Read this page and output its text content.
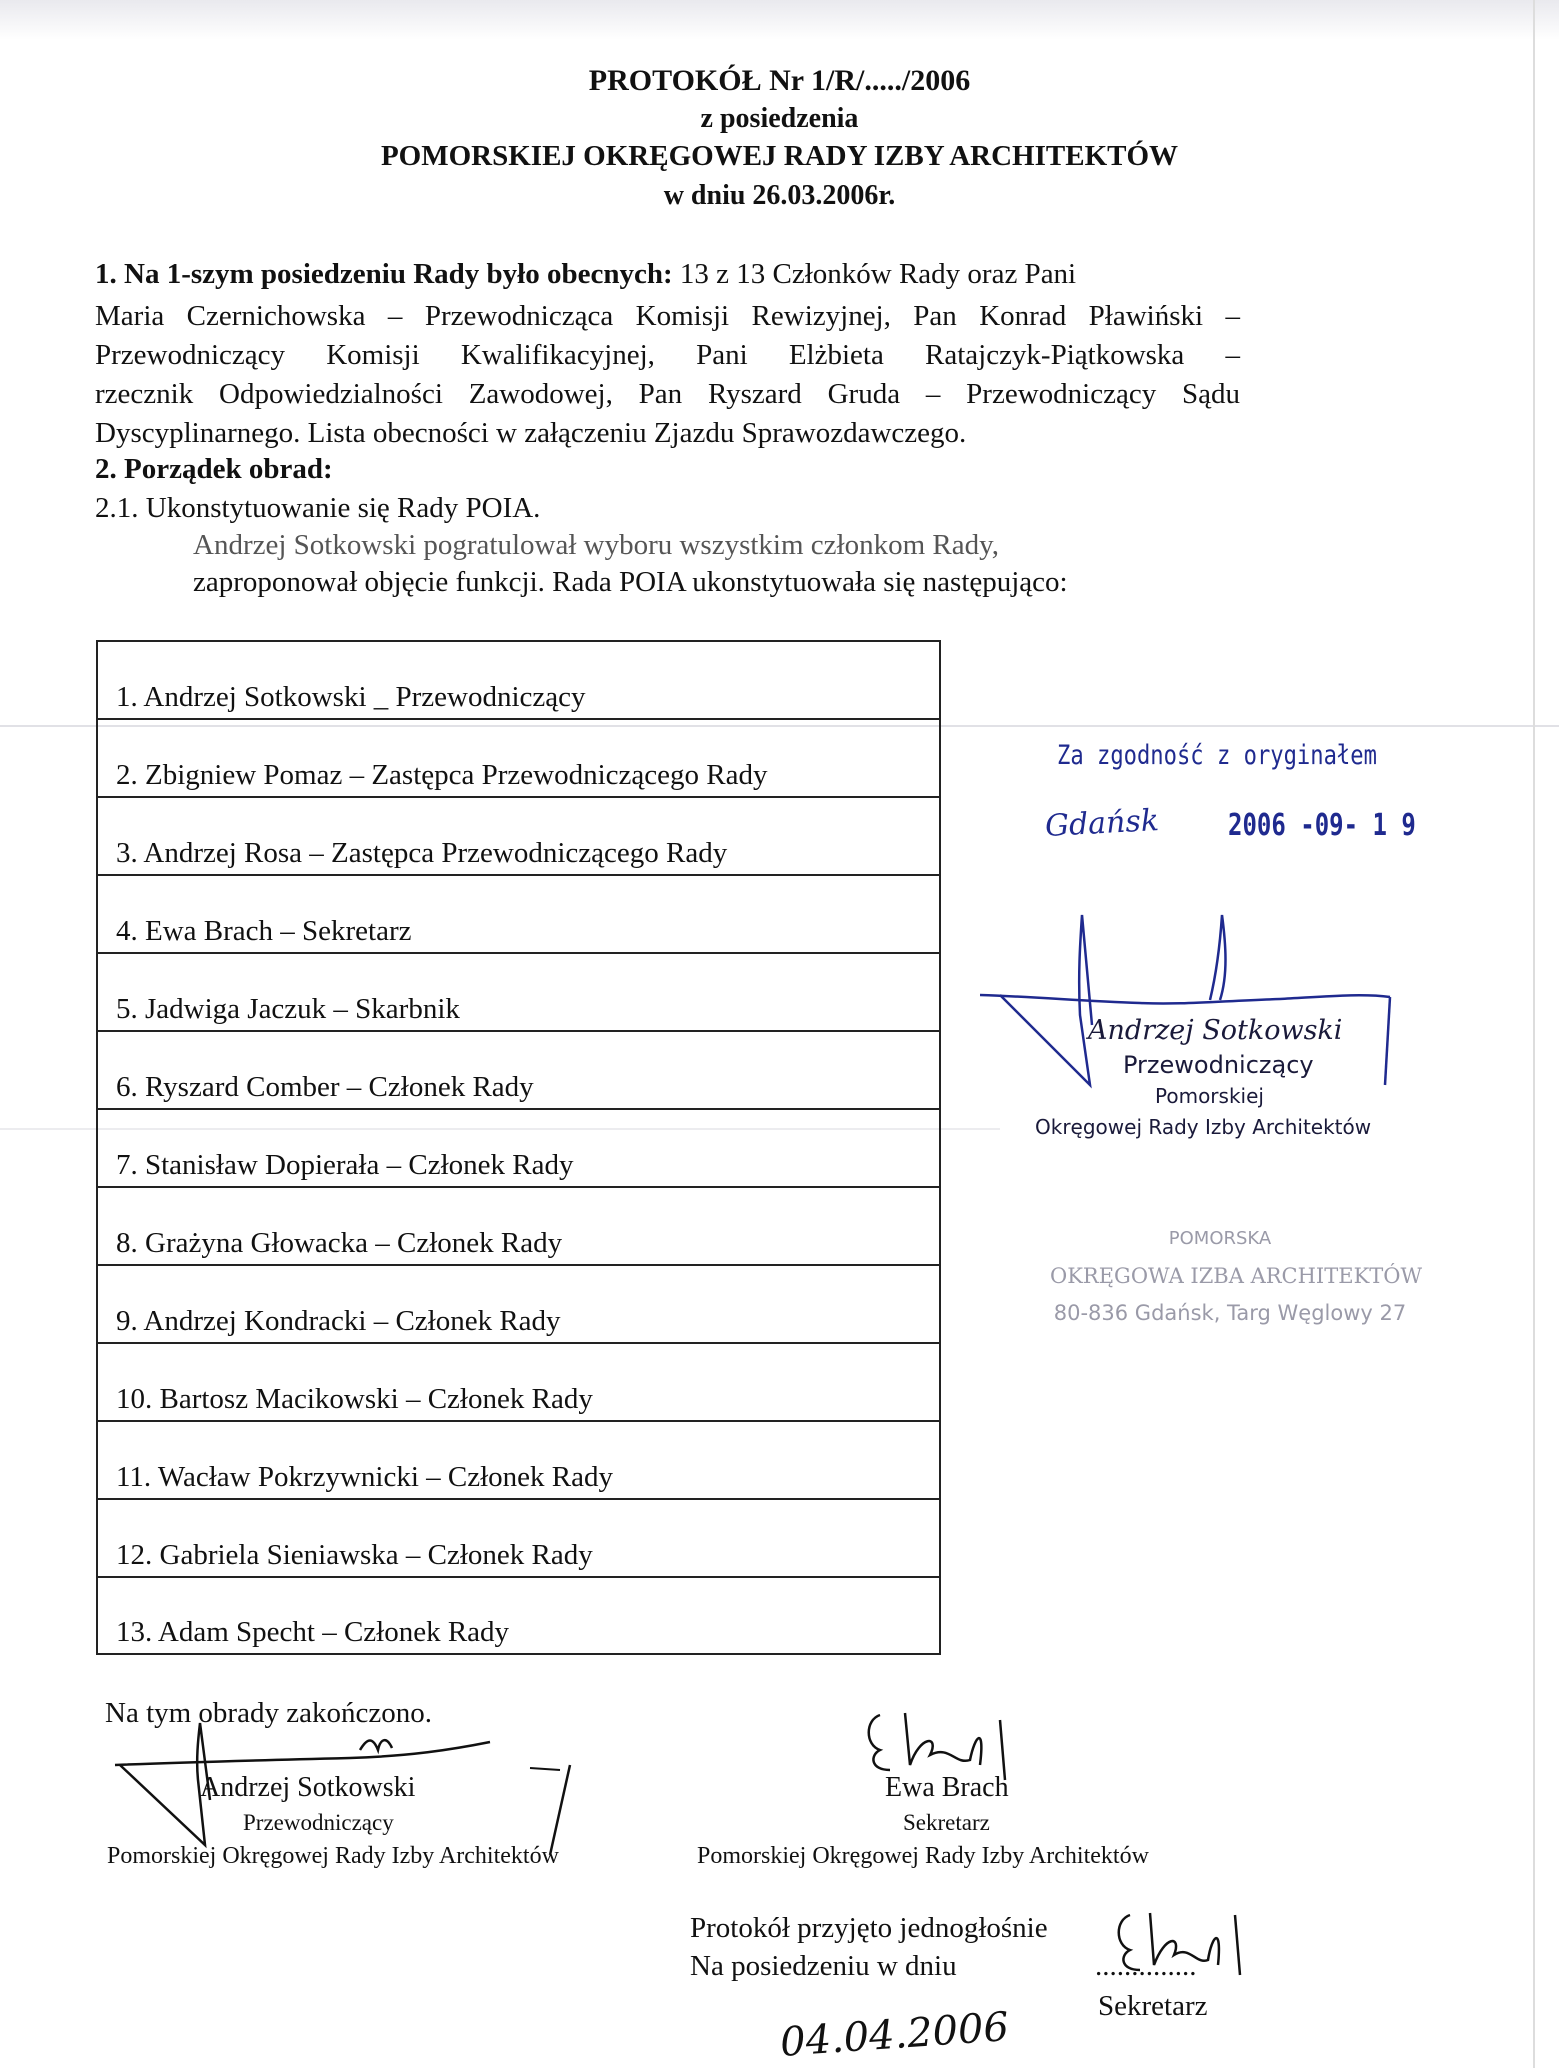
PROTOKÓŁ Nr 1/R/...../2006
z posiedzenia
POMORSKIEJ OKRĘGOWEJ RADY IZBY ARCHITEKTÓW
w dniu 26.03.2006r.
1. Na 1-szym posiedzeniu Rady było obecnych: 13 z 13 Członków Rady oraz Pani
Maria Czernichowska – Przewodnicząca Komisji Rewizyjnej, Pan Konrad Pławiński –
Przewodniczący Komisji Kwalifikacyjnej, Pani Elżbieta Ratajczyk-Piątkowska –
rzecznik Odpowiedzialności Zawodowej, Pan Ryszard Gruda – Przewodniczący Sądu
Dyscyplinarnego. Lista obecności w załączeniu Zjazdu Sprawozdawczego.
2. Porządek obrad:
2.1. Ukonstytuowanie się Rady POIA.
Andrzej Sotkowski pogratulował wyboru wszystkim członkom Rady,
zaproponował objęcie funkcji. Rada POIA ukonstytuowała się następująco:
1. Andrzej Sotkowski _ Przewodniczący
2. Zbigniew Pomaz – Zastępca Przewodniczącego Rady
3. Andrzej Rosa – Zastępca Przewodniczącego Rady
4. Ewa Brach – Sekretarz
5. Jadwiga Jaczuk – Skarbnik
6. Ryszard Comber – Członek Rady
7. Stanisław Dopierała – Członek Rady
8. Grażyna Głowacka – Członek Rady
9. Andrzej Kondracki – Członek Rady
10. Bartosz Macikowski – Członek Rady
11. Wacław Pokrzywnicki – Członek Rady
12. Gabriela Sieniawska – Członek Rady
13. Adam Specht – Członek Rady
Za zgodność z oryginałem
Gdańsk 2006 -09- 1 9
Andrzej Sotkowski
Przewodniczący
Pomorskiej
Okręgowej Rady Izby Architektów
POMORSKA
OKRĘGOWA IZBA ARCHITEKTÓW
80-836 Gdańsk, Targ Węglowy 27
Na tym obrady zakończono.
Andrzej Sotkowski
Przewodniczący
Pomorskiej Okręgowej Rady Izby Architektów
Ewa Brach
Sekretarz
Pomorskiej Okręgowej Rady Izby Architektów
Protokół przyjęto jednogłośnie
Na posiedzeniu w dniu	..............
Sekretarz
04.04.2006
